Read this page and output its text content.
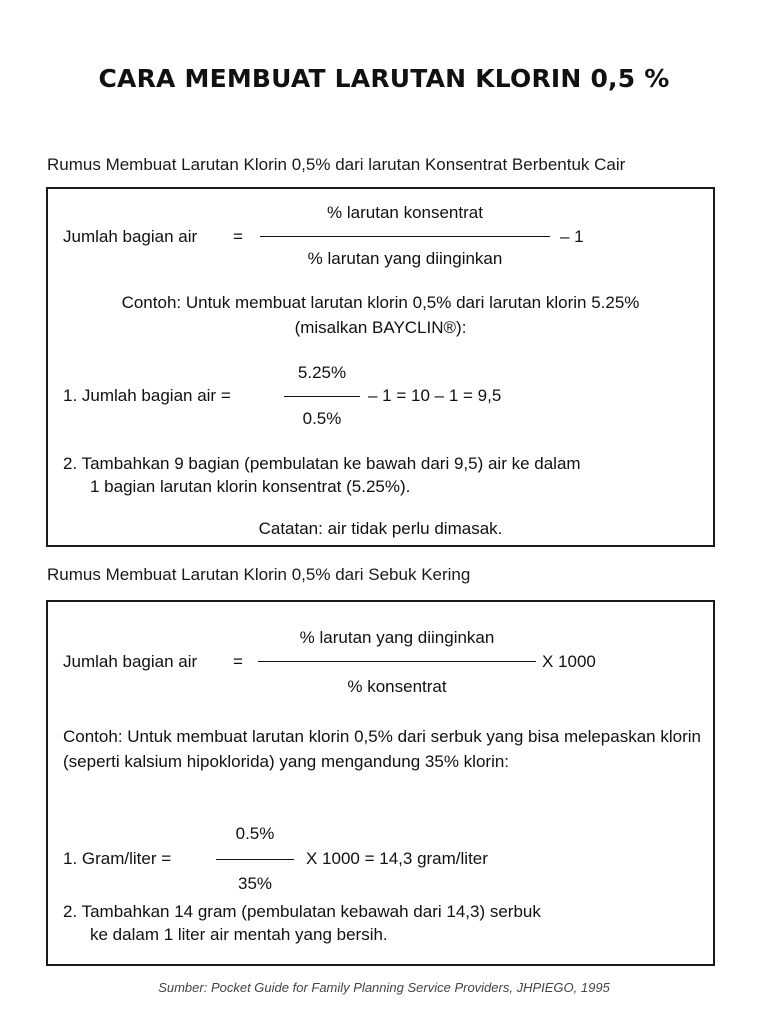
CARA MEMBUAT LARUTAN KLORIN 0,5 %
Rumus Membuat Larutan Klorin 0,5% dari larutan Konsentrat Berbentuk Cair
Jumlah bagian air =
% larutan konsentrat
% larutan yang diinginkan
– 1
Contoh: Untuk membuat larutan klorin 0,5% dari larutan klorin 5.25%
(misalkan BAYCLIN®):
1. Jumlah bagian air =
5.25%
0.5%
– 1 = 10 – 1 = 9,5
2. Tambahkan 9 bagian (pembulatan ke bawah dari 9,5) air ke dalam
1 bagian larutan klorin konsentrat (5.25%).
Catatan: air tidak perlu dimasak.
Rumus Membuat Larutan Klorin 0,5% dari Sebuk Kering
Jumlah bagian air =
% larutan yang diinginkan
% konsentrat
X 1000
Contoh: Untuk membuat larutan klorin 0,5% dari serbuk yang bisa melepaskan klorin (seperti kalsium hipoklorida) yang mengandung 35% klorin:
1. Gram/liter =
0.5%
35%
X 1000 = 14,3 gram/liter
2. Tambahkan 14 gram (pembulatan kebawah dari 14,3) serbuk
ke dalam 1 liter air mentah yang bersih.
Sumber: Pocket Guide for Family Planning Service Providers, JHPIEGO, 1995
